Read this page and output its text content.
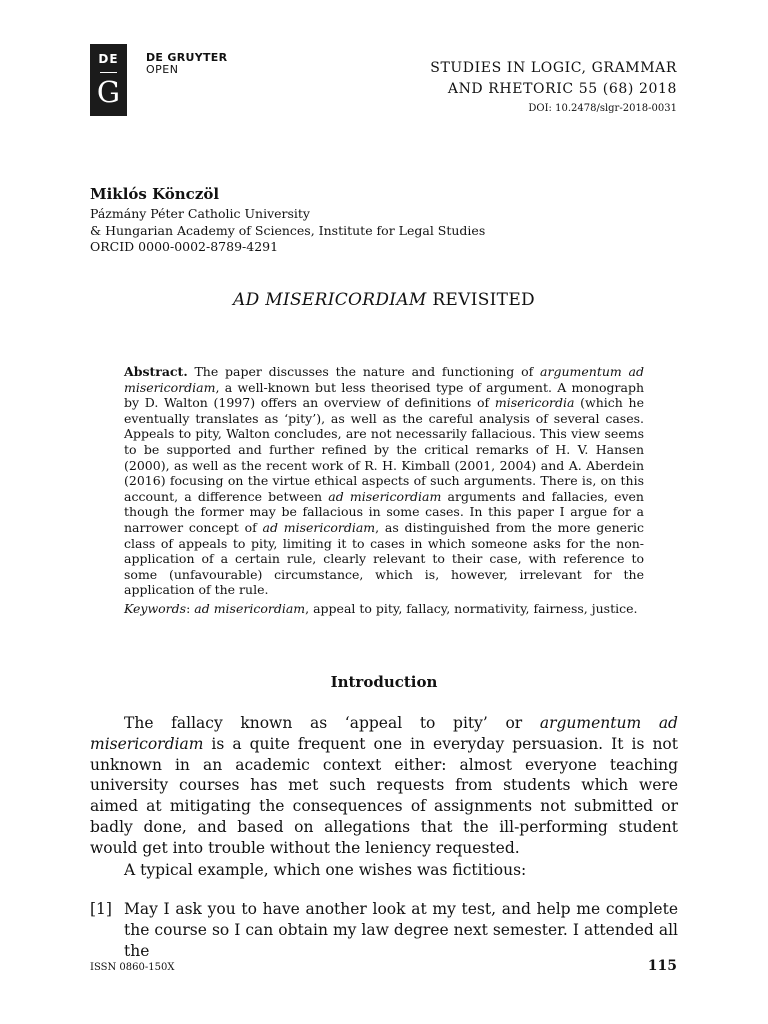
DE
G
DE GRUYTER
OPEN	STUDIES IN LOGIC, GRAMMAR
AND RHETORIC 55 (68) 2018
DOI: 10.2478/slgr-2018-0031
Miklós Könczöl
Pázmány Péter Catholic University
& Hungarian Academy of Sciences, Institute for Legal Studies
ORCID 0000-0002-8789-4291
AD MISERICORDIAM REVISITED
Abstract. The paper discusses the nature and functioning of argumentum ad misericordiam, a well-known but less theorised type of argument. A monograph by D. Walton (1997) offers an overview of definitions of misericordia (which he eventually translates as ‘pity’), as well as the careful analysis of several cases. Appeals to pity, Walton concludes, are not necessarily fallacious. This view seems to be supported and further refined by the critical remarks of H. V. Hansen (2000), as well as the recent work of R. H. Kimball (2001, 2004) and A. Aberdein (2016) focusing on the virtue ethical aspects of such arguments. There is, on this account, a difference between ad misericordiam arguments and fallacies, even though the former may be fallacious in some cases. In this paper I argue for a narrower concept of ad misericordiam, as distinguished from the more generic class of appeals to pity, limiting it to cases in which someone asks for the non-application of a certain rule, clearly relevant to their case, with reference to some (unfavourable) circumstance, which is, however, irrelevant for the application of the rule.
Keywords: ad misericordiam, appeal to pity, fallacy, normativity, fairness, justice.
Introduction
The fallacy known as ‘appeal to pity’ or argumentum ad misericordiam is a quite frequent one in everyday persuasion. It is not unknown in an academic context either: almost everyone teaching university courses has met such requests from students which were aimed at mitigating the consequences of assignments not submitted or badly done, and based on allegations that the ill-performing student would get into trouble without the leniency requested.
A typical example, which one wishes was fictitious:
[1] May I ask you to have another look at my test, and help me complete the course so I can obtain my law degree next semester. I attended all the
ISSN 0860-150X	115
